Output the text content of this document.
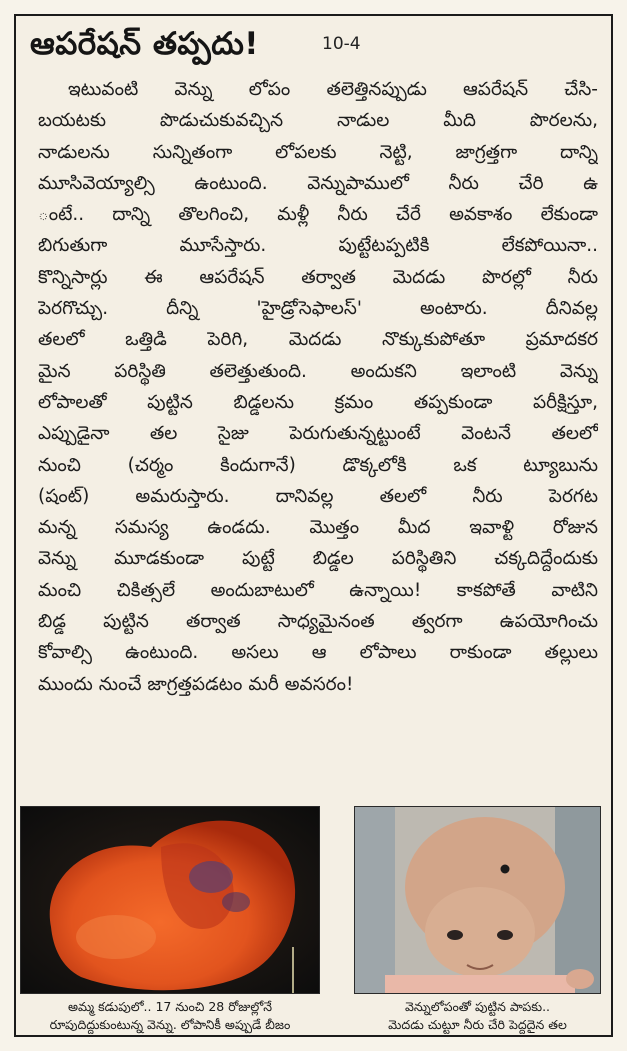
ఆపరేషన్ తప్పదు!	10-4
ఇటువంటి వెన్ను లోపం తలెత్తినప్పుడు ఆపరేషన్ చేసి-
బయటకు పొడుచుకువచ్చిన నాడుల మీది పొరలను,
నాడులను సున్నితంగా లోపలకు నెట్టి, జాగ్రత్తగా దాన్ని
మూసివెయ్యాల్సి ఉంటుంది. వెన్నుపాములో నీరు చేరి ఉ
ంటే.. దాన్ని తొలగించి, మళ్లీ నీరు చేరే అవకాశం లేకుండా
బిగుతుగా మూసేస్తారు. పుట్టేటప్పటికి లేకపోయినా..
కొన్నిసార్లు ఈ ఆపరేషన్ తర్వాత మెదడు పొరల్లో నీరు
పెరగొచ్చు. దీన్ని 'హైడ్రోసెఫాలస్' అంటారు. దీనివల్ల
తలలో ఒత్తిడి పెరిగి, మెదడు నొక్కుకుపోతూ ప్రమాదకర
మైన పరిస్థితి తలెత్తుతుంది. అందుకని ఇలాంటి వెన్ను
లోపాలతో పుట్టిన బిడ్డలను క్రమం తప్పకుండా పరీక్షిస్తూ,
ఎప్పుడైనా తల సైజు పెరుగుతున్నట్టుంటే వెంటనే తలలో
నుంచి (చర్మం కిందుగానే) డొక్కలోకి ఒక ట్యూబును
(షంట్) అమరుస్తారు. దానివల్ల తలలో నీరు పెరగట
మన్న సమస్య ఉండదు. మొత్తం మీద ఇవాళ్టి రోజున
వెన్ను మూడకుండా పుట్టే బిడ్డల పరిస్థితిని చక్కదిద్దేందుకు
మంచి చికిత్సలే అందుబాటులో ఉన్నాయి! కాకపోతే వాటిని
బిడ్డ పుట్టిన తర్వాత సాధ్యమైనంత త్వరగా ఉపయోగించు
కోవాల్సి ఉంటుంది. అసలు ఆ లోపాలు రాకుండా తల్లులు
ముందు నుంచే జాగ్రత్తపడటం మరీ అవసరం!
అమ్మ కడుపులో.. 17 నుంచి 28 రోజుల్లోనే
రూపుదిద్దుకుంటున్న వెన్ను. లోపానికీ అప్పుడే బీజం
వెన్నులోపంతో పుట్టిన పాపకు..
మెదడు చుట్టూ నీరు చేరి పెద్దదైన తల
